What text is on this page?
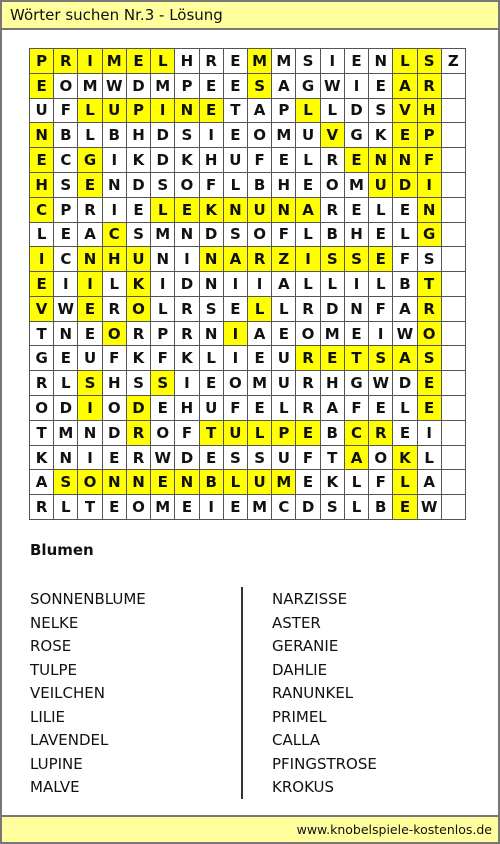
Wörter suchen Nr.3 - Lösung
P R	I M E L H R E M M S	I	E N L S Z
E O M W D M P E E S A G W I	E A R
U F L U P	I	N E T A P L L D S V H
N B L B H D S	I	E O M U V G K E P
E C G	I	K D K H U F E L R E N N F
H S E N D S O F L B H E O M U D	I
C P R	I	E L E K N U N A R E L E N
L E A C S M N D S O F L B H E L G
I	C N H U N	I	N A R Z	I	S S E F S
E	I	I	L K	I	D N	I	I	A L L	I	L B T
V W E R O L R S E L L R D N F A R
T N E O R P R N	I	A E O M E	I W O
G E U F K F K L	I	E U R E T S A S
R L S H S S	I	E O M U R H G W D E
O D	I	O D E H U F E L R A F E L E
T M N D R O F T U L P E B C R E	I
K N	I	E R W D E S S U F T A O K L
A S O N N E N B L U M E K L F L A
R L T E O M E	I	E M C D S L B E W
Blumen
SONNENBLUME
NELKE
ROSE
TULPE
VEILCHEN
LILIE
LAVENDEL
LUPINE
MALVE
NARZISSE
ASTER
GERANIE
DAHLIE
RANUNKEL
PRIMEL
CALLA
PFINGSTROSE
KROKUS
www.knobelspiele-kostenlos.de
